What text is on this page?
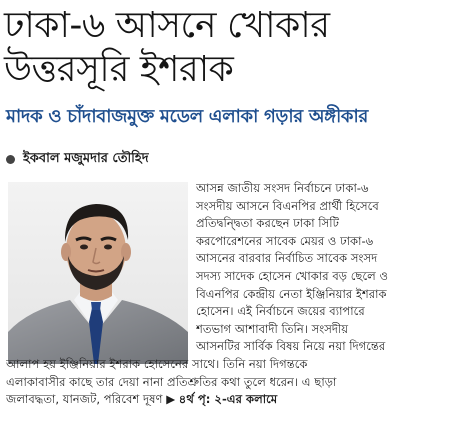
ঢাকা-৬ আসনে খোকার
উত্তরসূরি ইশরাক
মাদক ও চাঁদাবাজমুক্ত মডেল এলাকা গড়ার অঙ্গীকার
ইকবাল মজুমদার তৌহিদ
আসন্ন জাতীয় সংসদ নির্বাচনে ঢাকা-৬
সংসদীয় আসনে বিএনপির প্রার্থী হিসেবে
প্রতিদ্বন্দ্বিতা করছেন ঢাকা সিটি
করপোরেশনের সাবেক মেয়র ও ঢাকা-৬
আসনের বারবার নির্বাচিত সাবেক সংসদ
সদস্য সাদেক হোসেন খোকার বড় ছেলে ও
বিএনপির কেন্দ্রীয় নেতা ইঞ্জিনিয়ার ইশরাক
হোসেন। এই নির্বাচনে জয়ের ব্যাপারে
শতভাগ আশাবাদী তিনি। সংসদীয়
আসনটির সার্বিক বিষয় নিয়ে নয়া দিগন্তের
আলাপ হয় ইঞ্জিনিয়ার ইশরাক হোসেনের সাথে। তিনি নয়া দিগন্তকে
এলাকাবাসীর কাছে তার দেয়া নানা প্রতিশ্রুতির কথা তুলে ধরেন। এ ছাড়া
জলাবদ্ধতা, যানজট, পরিবেশ দূষণ ▶ ৪র্থ পৃ: ২-এর কলামে
